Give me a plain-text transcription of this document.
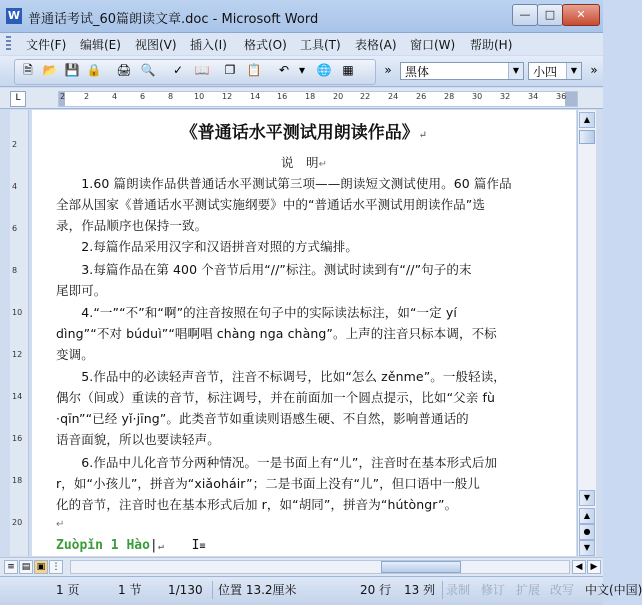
W 普通话考试_60篇朗读文章.doc - Microsoft Word	—	□	✕
文件(F) 编辑(E) 视图(V) 插入(I) 格式(O) 工具(T) 表格(A) 窗口(W) 帮助(H)
🗎 📂 💾 🔒 🖨 🔍 ✓ 📖 ❐ 📋 ↶ ▾ 🌐 ▦	»	黑体	▼	小四	▼	»
L	2 2	4	6	8	10 12 14 16 18 20 22 24 26 28 30 32 34 36
2
4
6
8
10
12
14
16
18
20
《普通话水平测试用朗读作品》↵
说　明↵
　　1.60 篇朗读作品供普通话水平测试第三项——朗读短文测试使用。60 篇作品
全部从国家《普通话水平测试实施纲要》中的“普通话水平测试用朗读作品”选
录，作品顺序也保持一致。
　　2.每篇作品采用汉字和汉语拼音对照的方式编排。
　　3.每篇作品在第 400 个音节后用“//”标注。测试时读到有“//”句子的末
尾即可。
　　4.“一”“不”和“啊”的注音按照在句子中的实际读法标注，如“一定 yí
dìng”“不对 búduì”“唱啊唱 chàng nga chàng”。上声的注音只标本调，不标
变调。
　　5.作品中的必读轻声音节，注音不标调号，比如“怎么 zěnme”。一般轻读，
偶尔（间或）重读的音节，标注调号，并在前面加一个圆点提示，比如“父亲 fù
·qīn”“已经 yǐ·jīng”。此类音节如重读则语感生硬、不自然，影响普通话的
语音面貌，所以也要读轻声。
　　6.作品中儿化音节分两种情况。一是书面上有“儿”，注音时在基本形式后加
r，如“小孩儿”，拼音为“xiǎoháir”；二是书面上没有“儿”，但口语中一般儿
化的音节，注音时也在基本形式后加 r，如“胡同”，拼音为“hútòngr”。
↵
Zuòpǐn 1 Hào|↵ I≡
▲
▼
▲
●
▼
≡ ▤ ▣ ⋮	◀ ▶
1 页	1 节 1/130 位置 13.2厘米	20 行 13 列 录制 修订 扩展 改写 中文(中国)
